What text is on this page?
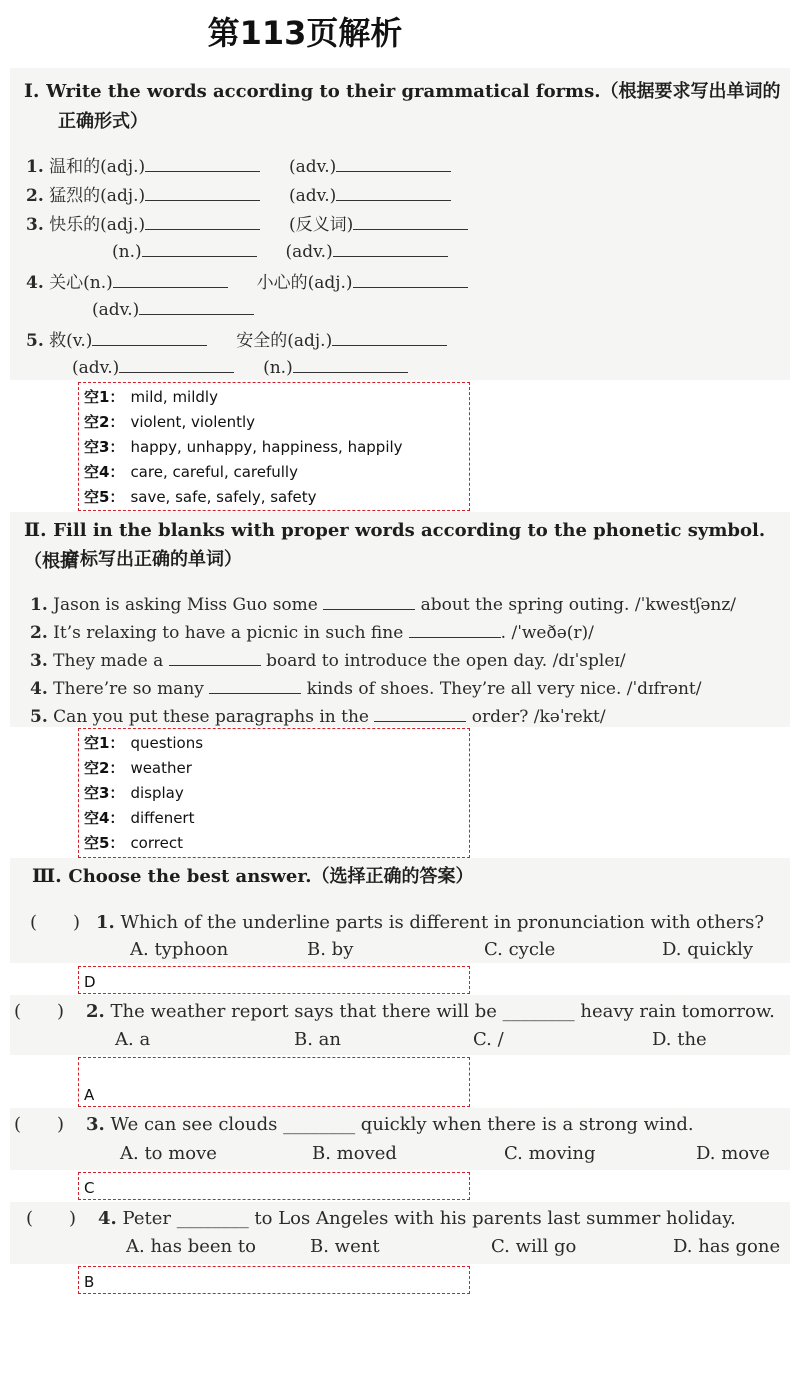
第113页解析
Ⅰ. Write the words according to their grammatical forms.（根据要求写出单词的
正确形式）
1. 温和的(adj.)	(adv.)
2. 猛烈的(adj.)	(adv.)
3. 快乐的(adj.)	(反义词)
(n.)	(adv.)
4. 关心(n.)	小心的(adj.)
(adv.)
5. 救(v.)	安全的(adj.)
(adv.)	(n.)
空1： mild, mildly
空2： violent, violently
空3： happy, unhappy, happiness, happily
空4： care, careful, carefully
空5： save, safe, safely, safety
Ⅱ. Fill in the blanks with proper words according to the phonetic symbol.（根据
音标写出正确的单词）
1. Jason is asking Miss Guo some	about the spring outing. /ˈkwestʃənz/
2. It’s relaxing to have a picnic in such fine	. /ˈweðə(r)/
3. They made a	board to introduce the open day. /dɪˈspleɪ/
4. There’re so many	kinds of shoes. They’re all very nice. /ˈdɪfrənt/
5. Can you put these paragraphs in the	order? /kəˈrekt/
空1： questions
空2： weather
空3： display
空4： diffenert
空5： correct
Ⅲ. Choose the best answer.（选择正确的答案）
(　　) 1. Which of the underline parts is different in pronunciation with others?
A. typhoon	B. by	C. cycle	D. quickly
D
(　　) 2. The weather report says that there will be ________ heavy rain tomorrow.
A. a	B. an	C. /	D. the
A
(　　) 3. We can see clouds ________ quickly when there is a strong wind.
A. to move	B. moved	C. moving	D. move
C
(　　) 4. Peter ________ to Los Angeles with his parents last summer holiday.
A. has been to	B. went	C. will go	D. has gone
B
